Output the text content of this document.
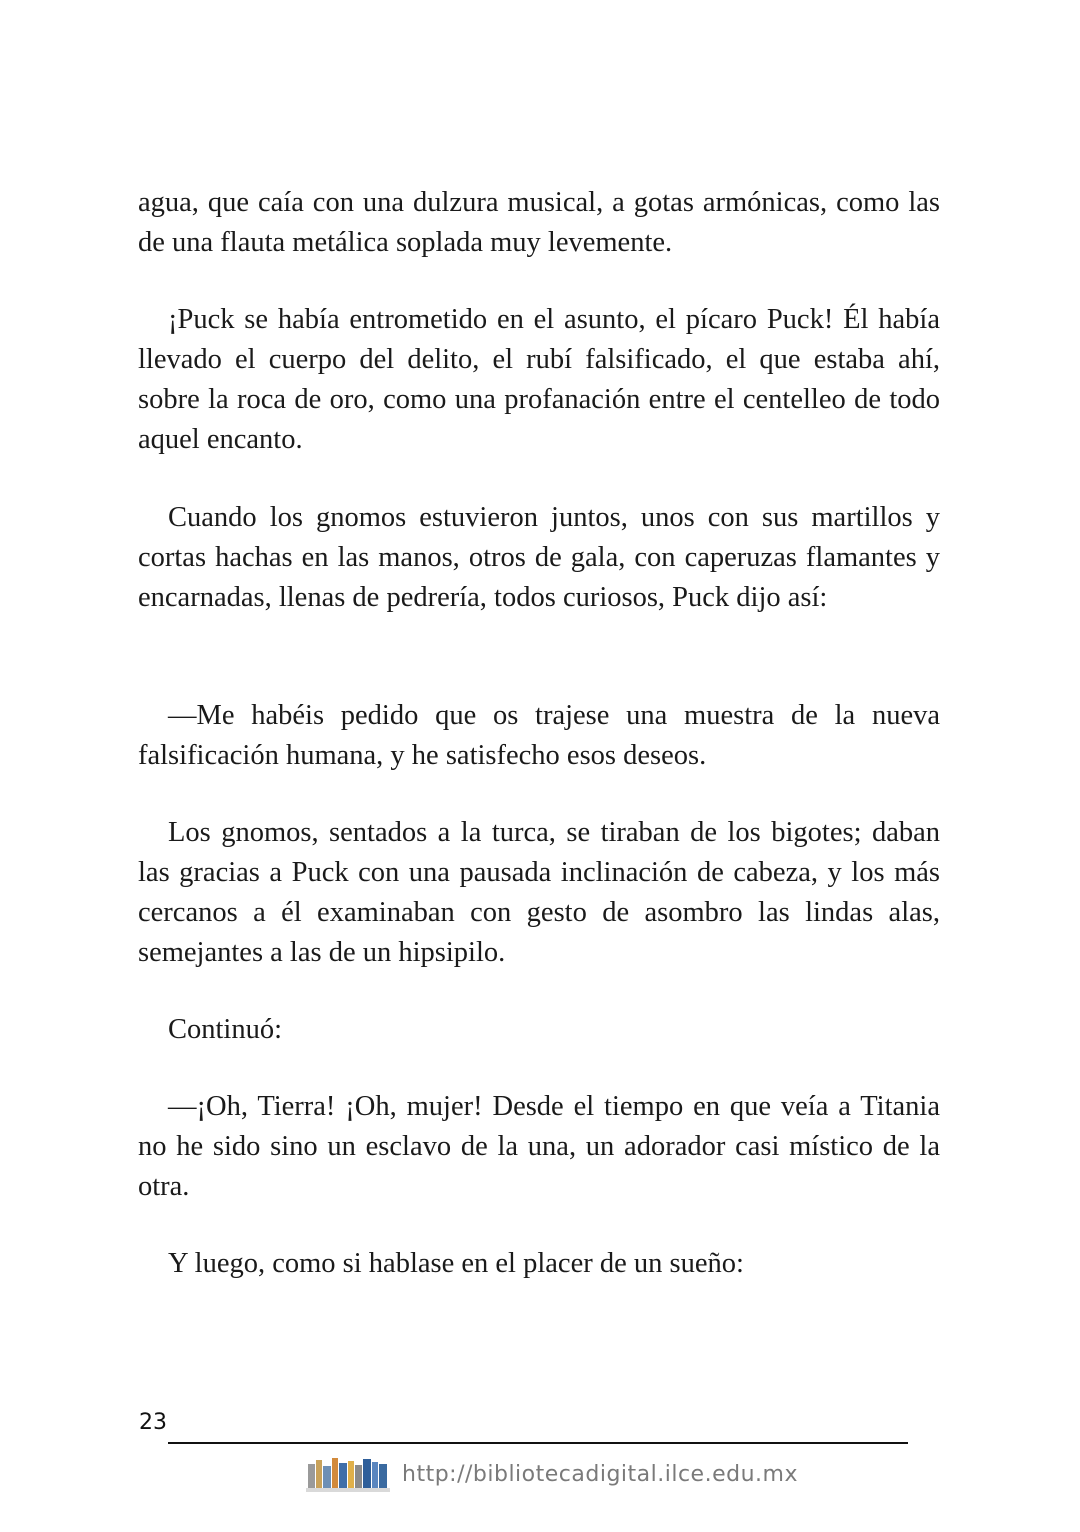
agua, que caía con una dulzura musical, a gotas armónicas, como las de una flauta metálica soplada muy levemente.

¡Puck se había entrometido en el asunto, el pícaro Puck! Él había llevado el cuerpo del delito, el rubí falsificado, el que estaba ahí, sobre la roca de oro, como una profanación entre el centelleo de todo aquel encanto.

Cuando los gnomos estuvieron juntos, unos con sus martillos y cortas hachas en las manos, otros de gala, con caperuzas flamantes y encarnadas, llenas de pedrería, todos curiosos, Puck dijo así:

—Me habéis pedido que os trajese una muestra de la nueva falsificación humana, y he satisfecho esos deseos.

Los gnomos, sentados a la turca, se tiraban de los bigotes; daban las gracias a Puck con una pausada inclinación de cabeza, y los más cercanos a él examinaban con gesto de asombro las lindas alas, semejantes a las de un hipsipilo.

Continuó:

—¡Oh, Tierra! ¡Oh, mujer! Desde el tiempo en que veía a Titania no he sido sino un esclavo de la una, un adorador casi místico de la otra.

Y luego, como si hablase en el placer de un sueño:

23
http://bibliotecadigital.ilce.edu.mx
